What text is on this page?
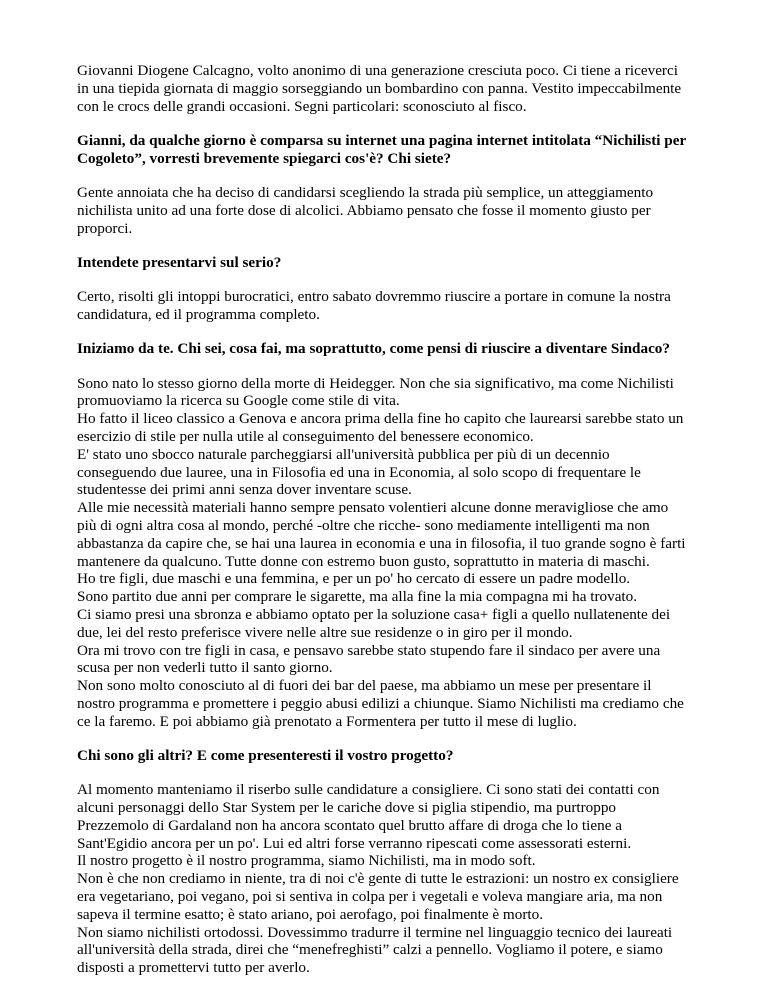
Giovanni Diogene Calcagno, volto anonimo di una generazione cresciuta poco. Ci tiene a riceverci in una tiepida giornata di maggio sorseggiando un bombardino con panna. Vestito impeccabilmente con le crocs delle grandi occasioni. Segni particolari: sconosciuto al fisco.

Gianni, da qualche giorno è comparsa su internet una pagina internet intitolata “Nichilisti per Cogoleto”, vorresti brevemente spiegarci cos'è? Chi siete?

Gente annoiata che ha deciso di candidarsi scegliendo la strada più semplice, un atteggiamento nichilista unito ad una forte dose di alcolici. Abbiamo pensato che fosse il momento giusto per proporci.

Intendete presentarvi sul serio?

Certo, risolti gli intoppi burocratici, entro sabato dovremmo riuscire a portare in comune la nostra candidatura, ed il programma completo.

Iniziamo da te. Chi sei, cosa fai, ma soprattutto, come pensi di riuscire a diventare Sindaco?

Sono nato lo stesso giorno della morte di Heidegger. Non che sia significativo, ma come Nichilisti promuoviamo la ricerca su Google come stile di vita.

Ho fatto il liceo classico a Genova e ancora prima della fine ho capito che laurearsi sarebbe stato un esercizio di stile per nulla utile al conseguimento del benessere economico.

E' stato uno sbocco naturale parcheggiarsi all'università pubblica per più di un decennio conseguendo due lauree, una in Filosofia ed una in Economia, al solo scopo di frequentare le studentesse dei primi anni senza dover inventare scuse.

Alle mie necessità materiali hanno sempre pensato volentieri alcune donne meravigliose che amo più di ogni altra cosa al mondo, perché -oltre che ricche- sono mediamente intelligenti ma non abbastanza da capire che, se hai una laurea in economia e una in filosofia, il tuo grande sogno è farti mantenere da qualcuno. Tutte donne con estremo buon gusto, soprattutto in materia di maschi.

Ho tre figli, due maschi e una femmina, e per un po' ho cercato di essere un padre modello.

Sono partito due anni per comprare le sigarette, ma alla fine la mia compagna mi ha trovato.

Ci siamo presi una sbronza e abbiamo optato per la soluzione casa+ figli a quello nullatenente dei due, lei del resto preferisce vivere nelle altre sue residenze o in giro per il mondo.

Ora mi trovo con tre figli in casa, e pensavo sarebbe stato stupendo fare il sindaco per avere una scusa per non vederli tutto il santo giorno.

Non sono molto conosciuto al di fuori dei bar del paese, ma abbiamo un mese per presentare il nostro programma e promettere i peggio abusi edilizi a chiunque. Siamo Nichilisti ma crediamo che ce la faremo. E poi abbiamo già prenotato a Formentera per tutto il mese di luglio.

Chi sono gli altri? E come presenteresti il vostro progetto?

Al momento manteniamo il riserbo sulle candidature a consigliere. Ci sono stati dei contatti con alcuni personaggi dello Star System per le cariche dove si piglia stipendio, ma purtroppo Prezzemolo di Gardaland non ha ancora scontato quel brutto affare di droga che lo tiene a Sant'Egidio ancora per un po'. Lui ed altri forse verranno ripescati come assessorati esterni.

Il nostro progetto è il nostro programma, siamo Nichilisti, ma in modo soft.

Non è che non crediamo in niente, tra di noi c'è gente di tutte le estrazioni: un nostro ex consigliere era vegetariano, poi vegano, poi si sentiva in colpa per i vegetali e voleva mangiare aria, ma non sapeva il termine esatto; è stato ariano, poi aerofago, poi finalmente è morto.

Non siamo nichilisti ortodossi. Dovessimmo tradurre il termine nel linguaggio tecnico dei laureati all'università della strada, direi che “menefreghisti” calzi a pennello. Vogliamo il potere, e siamo disposti a promettervi tutto per averlo.
